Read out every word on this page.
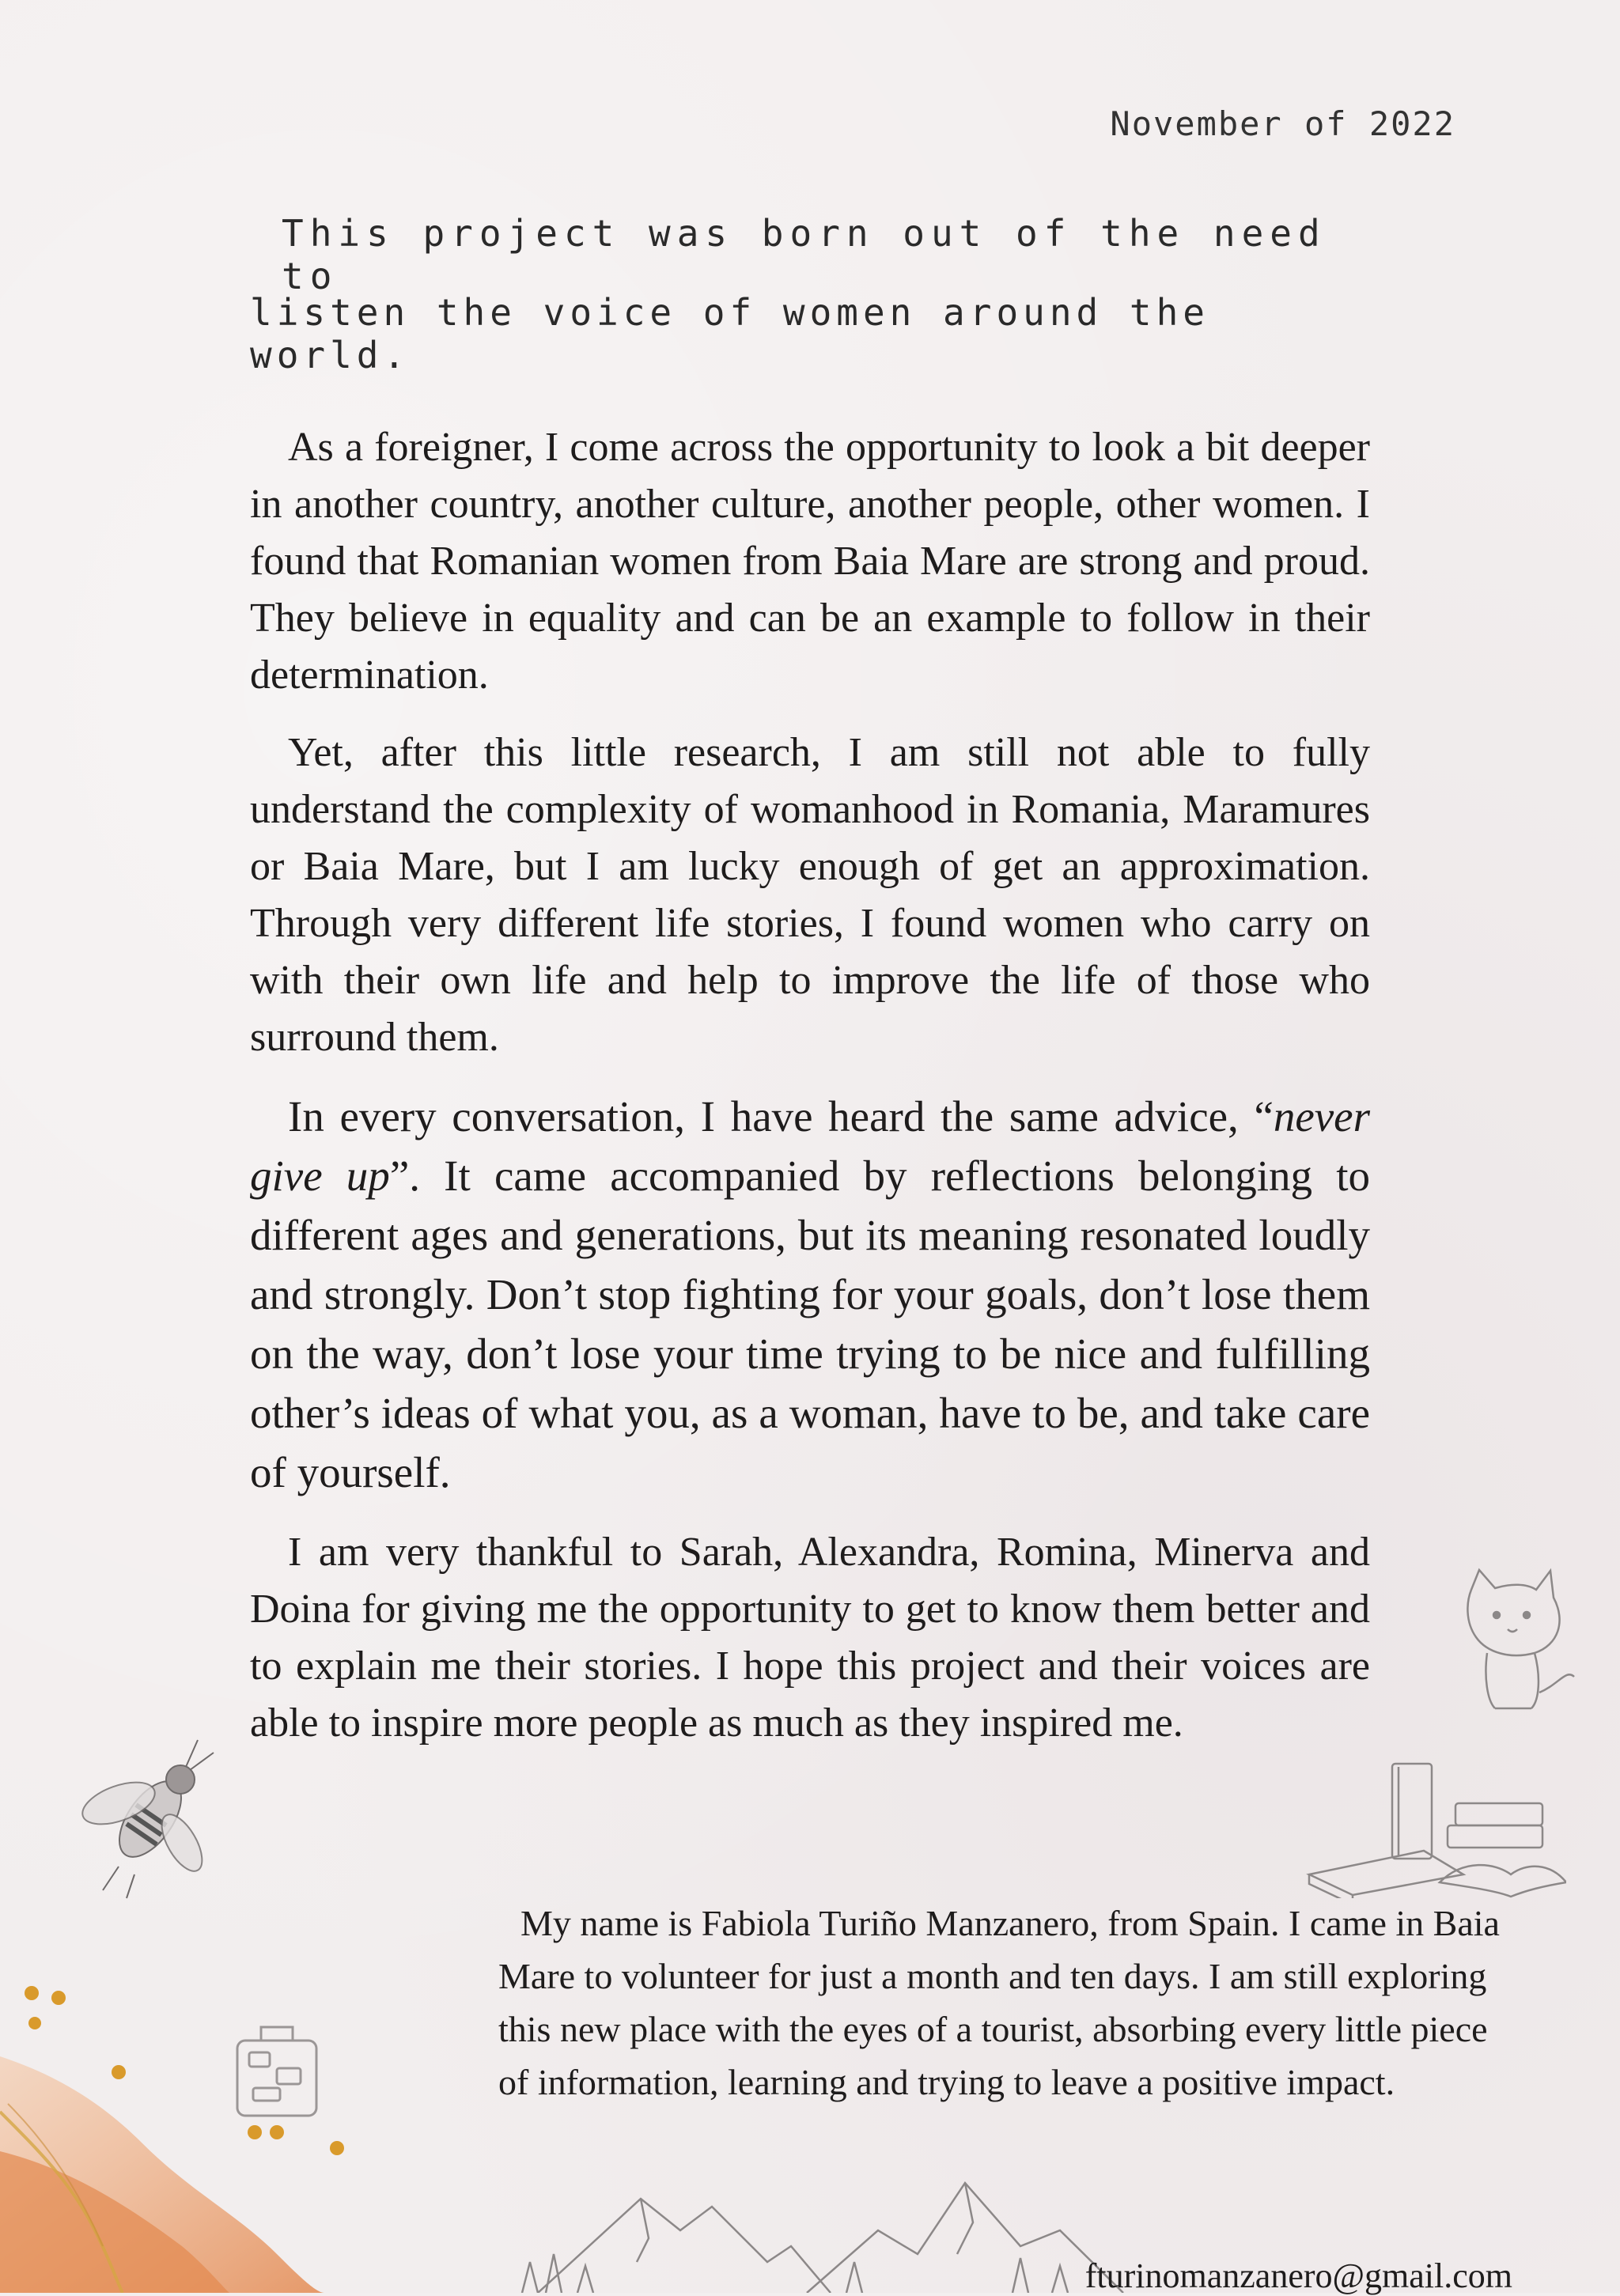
November of 2022
This project was born out of the need to
listen the voice of women around the world.

As a foreigner, I come across the opportunity to look a bit deeper in another country, another culture, another people, other women. I found that Romanian women from Baia Mare are strong and proud. They believe in equality and can be an example to follow in their determination.

Yet, after this little research, I am still not able to fully understand the complexity of womanhood in Romania, Maramures or Baia Mare, but I am lucky enough of get an approximation. Through very different life stories, I found women who carry on with their own life and help to improve the life of those who surround them.

In every conversation, I have heard the same advice, “never give up”. It came accompanied by reflections belonging to different ages and generations, but its meaning resonated loudly and strongly. Don’t stop fighting for your goals, don’t lose them on the way, don’t lose your time trying to be nice and fulfilling other’s ideas of what you, as a woman, have to be, and take care of yourself.

I am very thankful to Sarah, Alexandra, Romina, Minerva and Doina for giving me the opportunity to get to know them better and to explain me their stories. I hope this project and their voices are able to inspire more people as much as they inspired me.

My name is Fabiola Turiño Manzanero, from Spain. I came in Baia Mare to volunteer for just a month and ten days. I am still exploring this new place with the eyes of a tourist, absorbing every little piece of information, learning and trying to leave a positive impact.

fturinomanzanero@gmail.com
